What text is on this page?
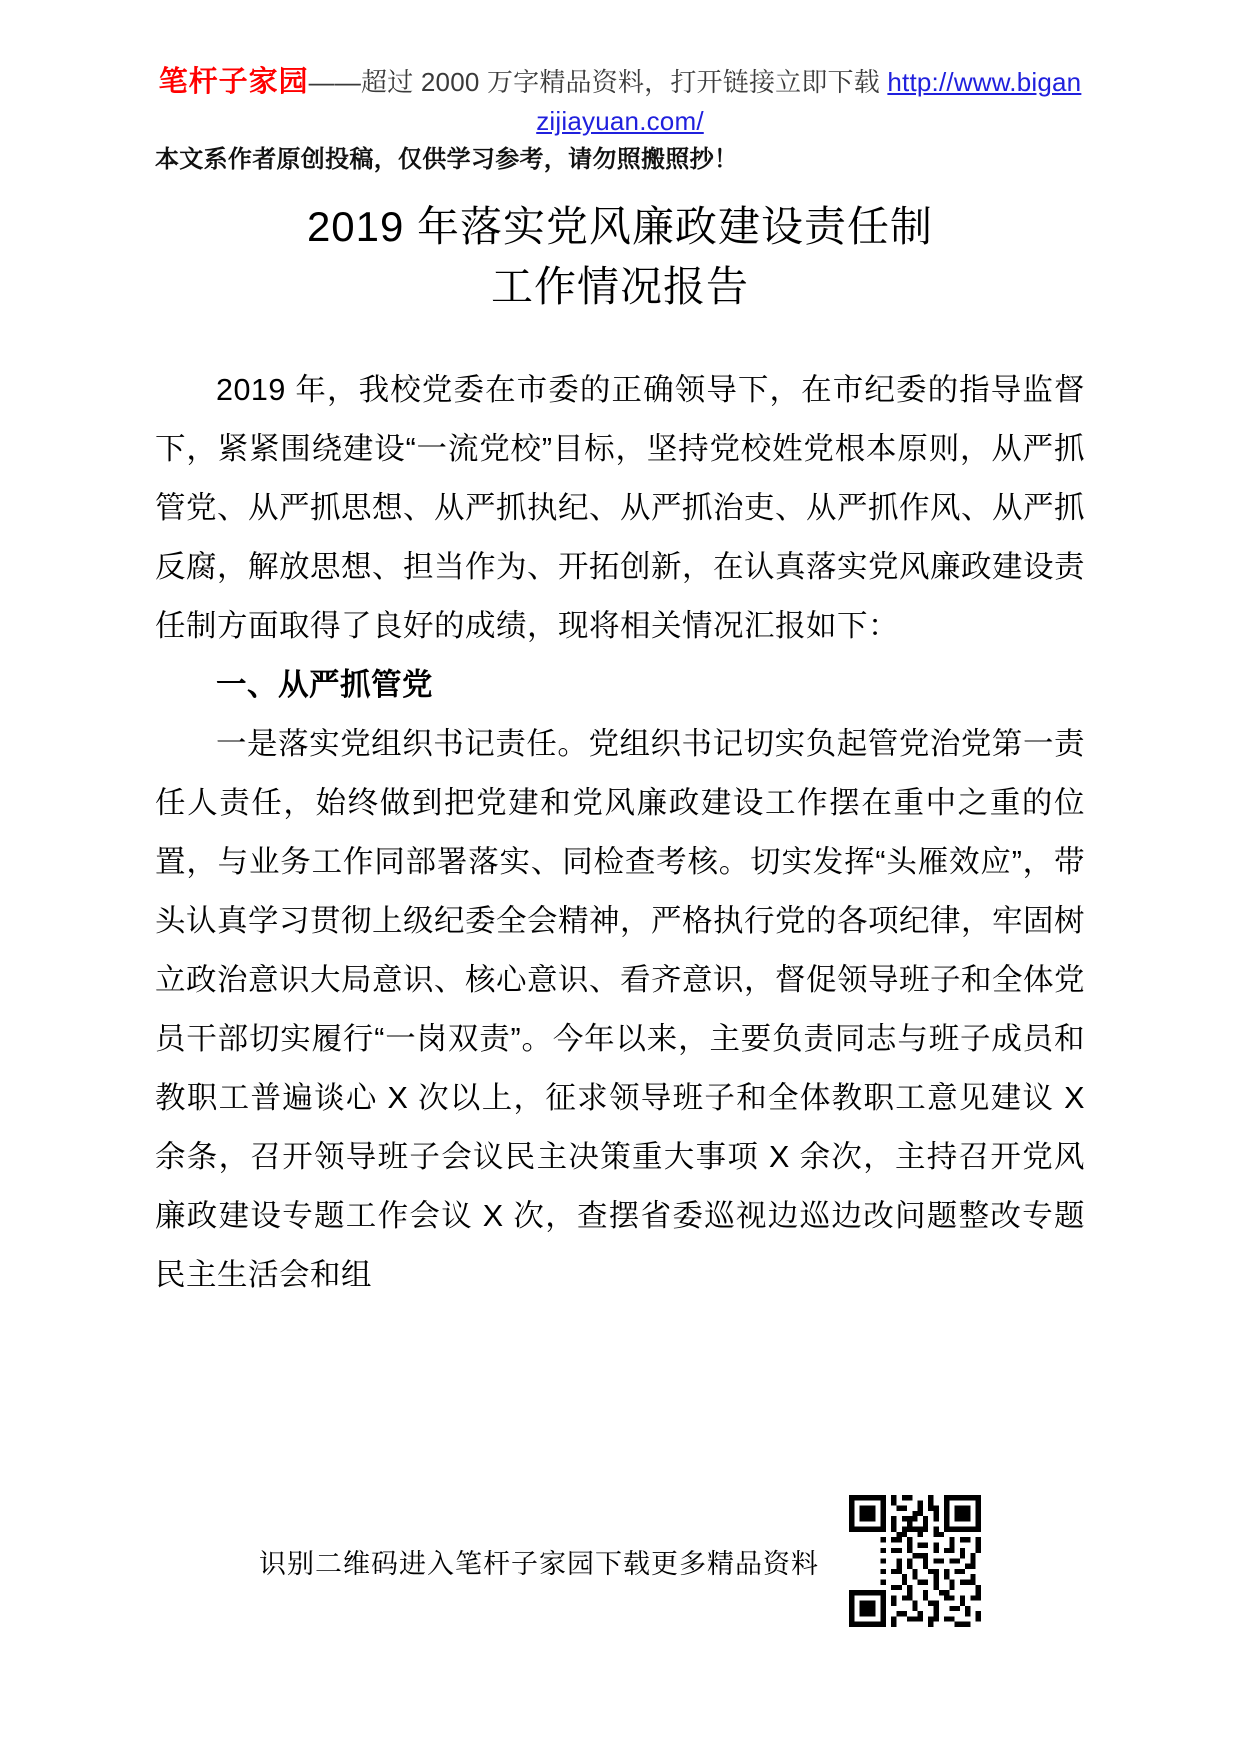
笔杆子家园——超过 2000 万字精品资料，打开链接立即下载 http://www.biganzijiayuan.com/
本文系作者原创投稿，仅供学习参考，请勿照搬照抄！
2019 年落实党风廉政建设责任制
工作情况报告

2019 年，我校党委在市委的正确领导下，在市纪委的指导监督下，紧紧围绕建设“一流党校”目标，坚持党校姓党根本原则，从严抓管党、从严抓思想、从严抓执纪、从严抓治吏、从严抓作风、从严抓反腐，解放思想、担当作为、开拓创新，在认真落实党风廉政建设责任制方面取得了良好的成绩，现将相关情况汇报如下：

一、从严抓管党

一是落实党组织书记责任。党组织书记切实负起管党治党第一责任人责任，始终做到把党建和党风廉政建设工作摆在重中之重的位置，与业务工作同部署落实、同检查考核。切实发挥“头雁效应”，带头认真学习贯彻上级纪委全会精神，严格执行党的各项纪律，牢固树立政治意识大局意识、核心意识、看齐意识，督促领导班子和全体党员干部切实履行“一岗双责”。今年以来，主要负责同志与班子成员和教职工普遍谈心 X 次以上，征求领导班子和全体教职工意见建议 X 余条，召开领导班子会议民主决策重大事项 X 余次，主持召开党风廉政建设专题工作会议 X 次，查摆省委巡视边巡边改问题整改专题民主生活会和组

识别二维码进入笔杆子家园下载更多精品资料
